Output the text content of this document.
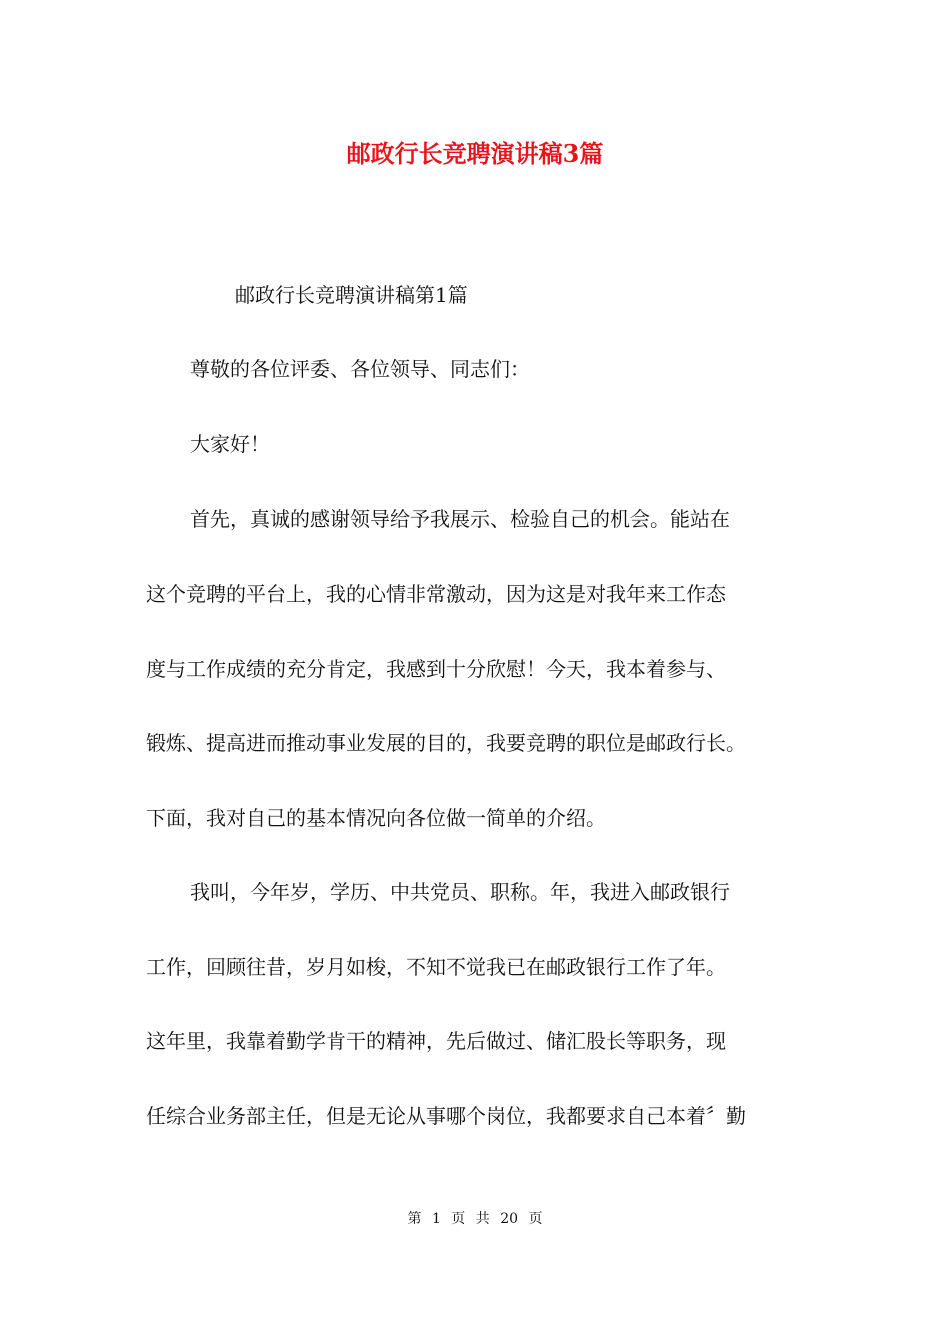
邮政行长竞聘演讲稿3篇

邮政行长竞聘演讲稿第1篇

尊敬的各位评委、各位领导、同志们：

大家好！

首先，真诚的感谢领导给予我展示、检验自己的机会。能站在

这个竞聘的平台上，我的心情非常激动，因为这是对我年来工作态

度与工作成绩的充分肯定，我感到十分欣慰！今天，我本着参与、

锻炼、提高进而推动事业发展的目的，我要竞聘的职位是邮政行长。

下面，我对自己的基本情况向各位做一简单的介绍。

我叫，今年岁，学历、中共党员、职称。年，我进入邮政银行

工作，回顾往昔，岁月如梭，不知不觉我已在邮政银行工作了年。

这年里，我靠着勤学肯干的精神，先后做过、储汇股长等职务，现

任综合业务部主任，但是无论从事哪个岗位，我都要求自己本着〞勤

第 1 页 共 20 页
